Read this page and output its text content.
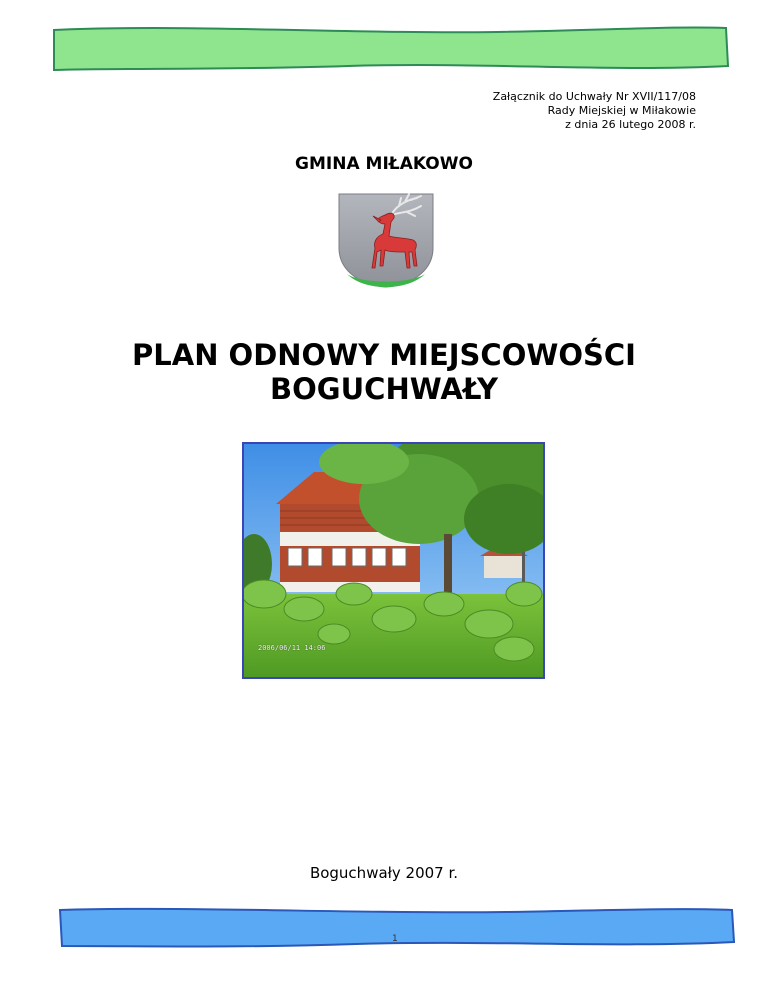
Załącznik do Uchwały Nr XVII/117/08
Rady Miejskiej w Miłakowie
z dnia 26 lutego 2008 r.
GMINA MIŁAKOWO
PLAN ODNOWY MIEJSCOWOŚCI
BOGUCHWAŁY
2006/06/11 14:06
Boguchwały 2007 r.
1
